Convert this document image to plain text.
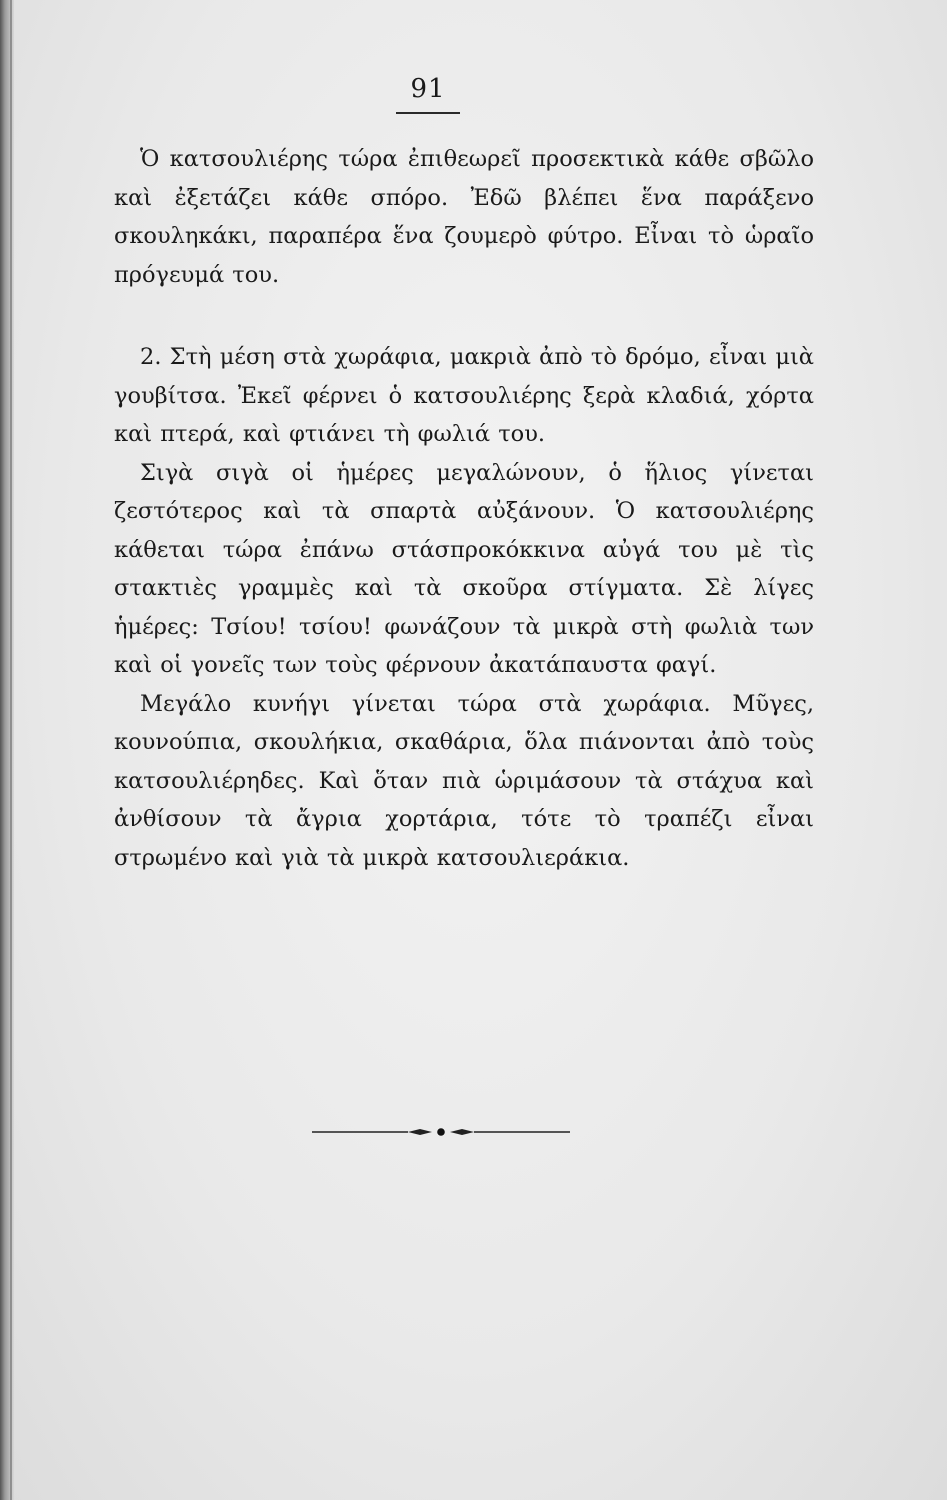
91

Ὁ κατσουλιέρης τώρα ἐπιθεωρεῖ προσεκτικὰ κάθε σβῶλο καὶ ἐξετάζει κάθε σπόρο. Ἐδῶ βλέπει ἕνα παράξενο σκουληκάκι, παραπέρα ἕνα ζουμερὸ φύτρο. Εἶναι τὸ ὡραῖο πρόγευμά του.

2. Στὴ μέση στὰ χωράφια, μακριὰ ἀπὸ τὸ δρόμο, εἶναι μιὰ γουβίτσα. Ἐκεῖ φέρνει ὁ κατσουλιέρης ξερὰ κλαδιά, χόρτα καὶ πτερά, καὶ φτιάνει τὴ φωλιά του.

Σιγὰ σιγὰ οἱ ἡμέρες μεγαλώνουν, ὁ ἥλιος γίνεται ζεστότερος καὶ τὰ σπαρτὰ αὐξάνουν. Ὁ κατσουλιέρης κάθεται τώρα ἐπάνω στάσπροκόκκινα αὐγά του μὲ τὶς στακτιὲς γραμμὲς καὶ τὰ σκοῦρα στίγματα. Σὲ λίγες ἡμέρες: Τσίου! τσίου! φωνάζουν τὰ μικρὰ στὴ φωλιὰ των καὶ οἱ γονεῖς των τοὺς φέρνουν ἀκατάπαυστα φαγί.

Μεγάλο κυνήγι γίνεται τώρα στὰ χωράφια. Μῦγες, κουνούπια, σκουλήκια, σκαθάρια, ὅλα πιάνονται ἀπὸ τοὺς κατσουλιέρηδες. Καὶ ὅταν πιὰ ὡριμάσουν τὰ στάχυα καὶ ἀνθίσουν τὰ ἄγρια χορτάρια, τότε τὸ τραπέζι εἶναι στρωμένο καὶ γιὰ τὰ μικρὰ κατσουλιεράκια.
